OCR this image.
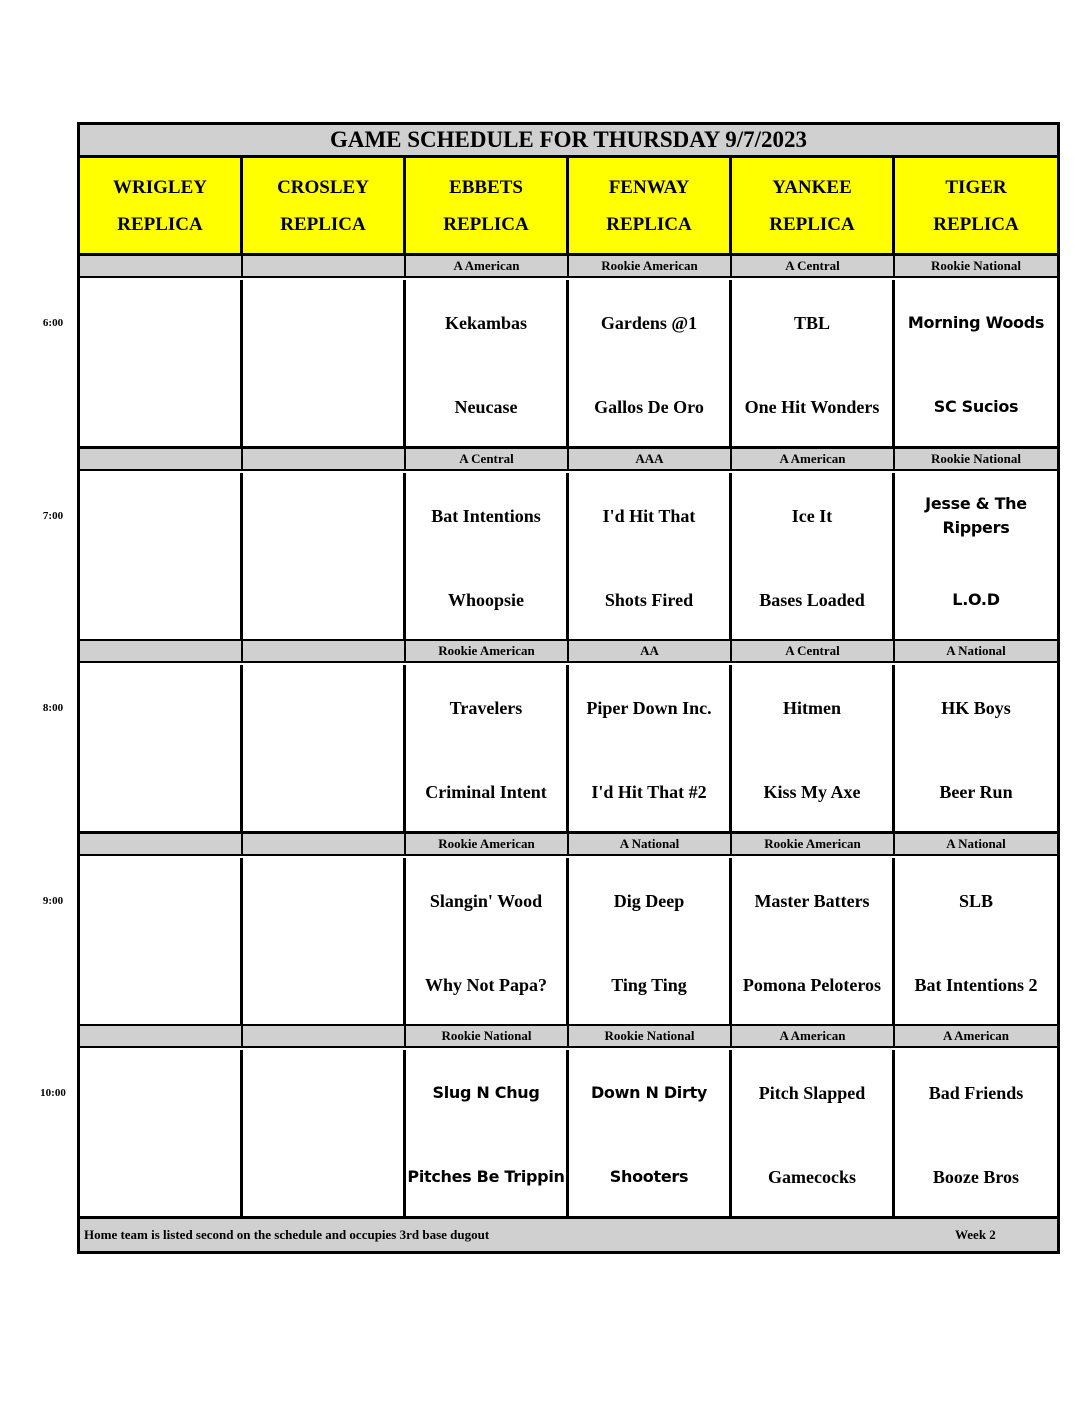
GAME SCHEDULE FOR THURSDAY 9/7/2023
WRIGLEY
REPLICA
CROSLEY
REPLICA
EBBETS
REPLICA
FENWAY
REPLICA
YANKEE
REPLICA
TIGER
REPLICA
A American
Kekambas
Neucase
Rookie American
Gardens @1
Gallos De Oro
A Central
TBL
One Hit Wonders
Rookie National
Morning Woods
SC Sucios
A Central
Bat Intentions
Whoopsie
AAA
I'd Hit That
Shots Fired
A American
Ice It
Bases Loaded
Rookie National
Jesse & The Rippers
L.O.D
Rookie American
Travelers
Criminal Intent
AA
Piper Down Inc.
I'd Hit That #2
A Central
Hitmen
Kiss My Axe
A National
HK Boys
Beer Run
Rookie American
Slangin' Wood
Why Not Papa?
A National
Dig Deep
Ting Ting
Rookie American
Master Batters
Pomona Peloteros
A National
SLB
Bat Intentions 2
Rookie National
Slug N Chug
Pitches Be Trippin
Rookie National
Down N Dirty
Shooters
A American
Pitch Slapped
Gamecocks
A American
Bad Friends
Booze Bros
Home team is listed second on the schedule and occupies 3rd base dugout	Week 2
6:00
7:00
8:00
9:00
10:00
